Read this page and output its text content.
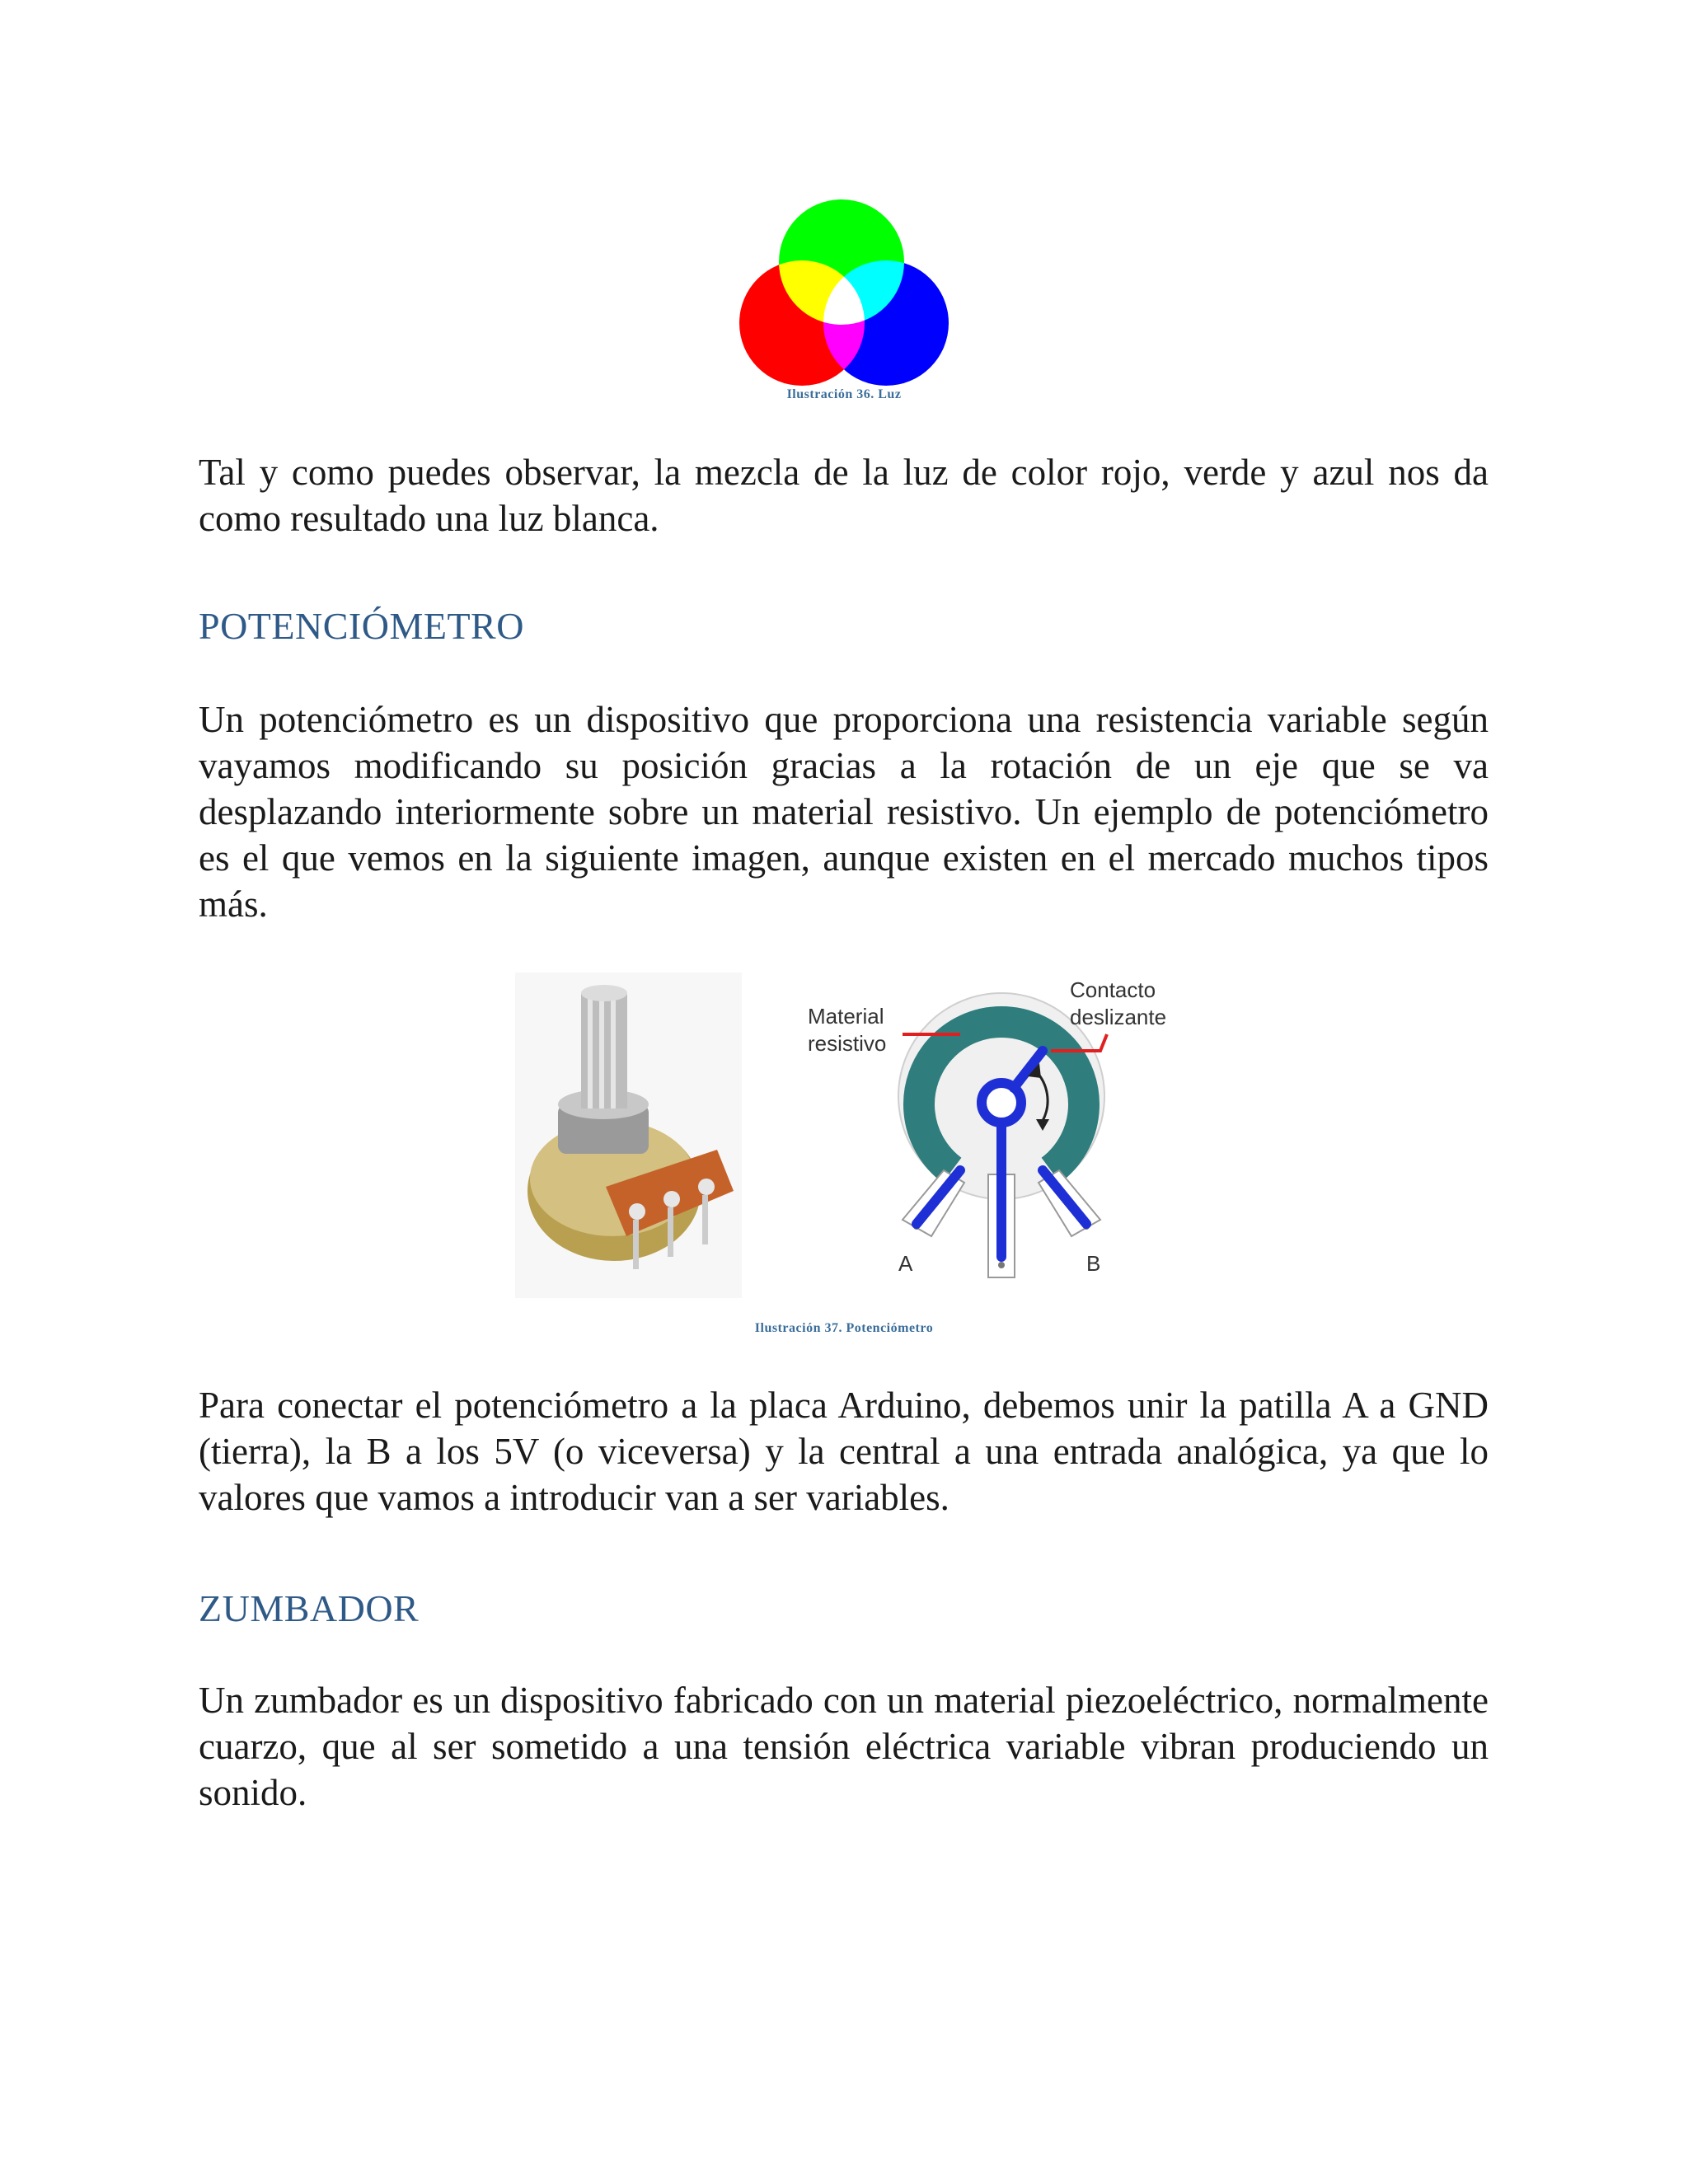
Ilustración 36. Luz

Tal y como puedes observar, la mezcla de la luz de color rojo, verde y azul nos da como resultado una luz blanca.

POTENCIÓMETRO

Un potenciómetro es un dispositivo que proporciona una resistencia variable según vayamos modificando su posición gracias a la rotación de un eje que se va desplazando interiormente sobre un material resistivo. Un ejemplo de potenciómetro es el que vemos en la siguiente imagen, aunque existen en el mercado muchos tipos más.

Material
resistivo
Contacto
deslizante
A	B
Ilustración 37. Potenciómetro

Para conectar el potenciómetro a la placa Arduino, debemos unir la patilla A a GND (tierra), la B a los 5V (o viceversa) y la central a una entrada analógica, ya que lo valores que vamos a introducir van a ser variables.

ZUMBADOR

Un zumbador es un dispositivo fabricado con un material piezoeléctrico, normalmente cuarzo, que al ser sometido a una tensión eléctrica variable vibran produciendo un sonido.
